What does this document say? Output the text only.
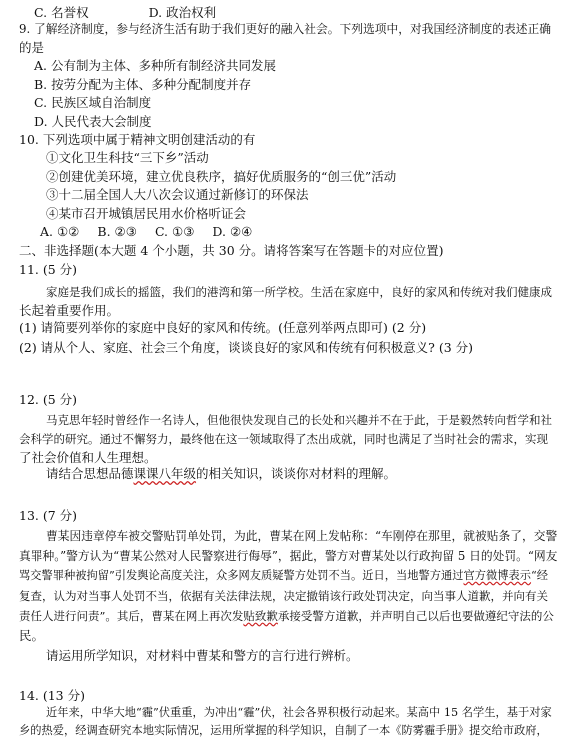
C. 名誉权	D. 政治权利
9. 了解经济制度，参与经济生活有助于我们更好的融入社会。下列选项中，对我国经济制度的表述正确
的是
A. 公有制为主体、多种所有制经济共同发展
B. 按劳分配为主体、多种分配制度并存
C. 民族区域自治制度
D. 人民代表大会制度
10. 下列选项中属于精神文明创建活动的有
①文化卫生科技“三下乡”活动
②创建优美环境，建立优良秩序，搞好优质服务的“创三优”活动
③十二届全国人大八次会议通过新修订的环保法
④某市召开城镇居民用水价格听证会
A. ①② B. ②③ C. ①③ D. ②④
二、非选择题(本大题 4 个小题，共 30 分。请将答案写在答题卡的对应位置)
11. (5 分)
家庭是我们成长的摇篮，我们的港湾和第一所学校。生活在家庭中，良好的家风和传统对我们健康成
长起着重要作用。
(1) 请简要列举你的家庭中良好的家风和传统。(任意列举两点即可) (2 分)
(2) 请从个人、家庭、社会三个角度，谈谈良好的家风和传统有何积极意义? (3 分)
12. (5 分)
马克思年轻时曾经作一名诗人，但他很快发现自己的长处和兴趣并不在于此，于是毅然转向哲学和社
会科学的研究。通过不懈努力，最终他在这一领域取得了杰出成就，同时也满足了当时社会的需求，实现
了社会价值和人生理想。
请结合思想品德课课八年级的相关知识，谈谈你对材料的理解。
13. (7 分)
曹某因违章停车被交警贴罚单处罚，为此，曹某在网上发帖称：“车刚停在那里，就被贴条了，交警
真罪种。”警方认为“曹某公然对人民警察进行侮辱”，据此，警方对曹某处以行政拘留 5 日的处罚。“网友
骂交警罪种被拘留”引发舆论高度关注，众多网友质疑警方处罚不当。近日，当地警方通过官方微博表示“经
复查，认为对当事人处罚不当，依据有关法律法规，决定撤销该行政处罚决定，向当事人道歉，并向有关
责任人进行问责”。其后，曹某在网上再次发贴致歉承接受警方道歉，并声明自己以后也要做遵纪守法的公
民。
请运用所学知识，对材料中曹某和警方的言行进行辨析。
14. (13 分)
近年来，中华大地“霾”伏重重，为冲出“霾”伏，社会各界积极行动起来。某高中 15 名学生，基于对家
乡的热爱，经调查研究本地实际情况，运用所掌握的科学知识，自制了一本《防雾霾手册》提交给市政府，
